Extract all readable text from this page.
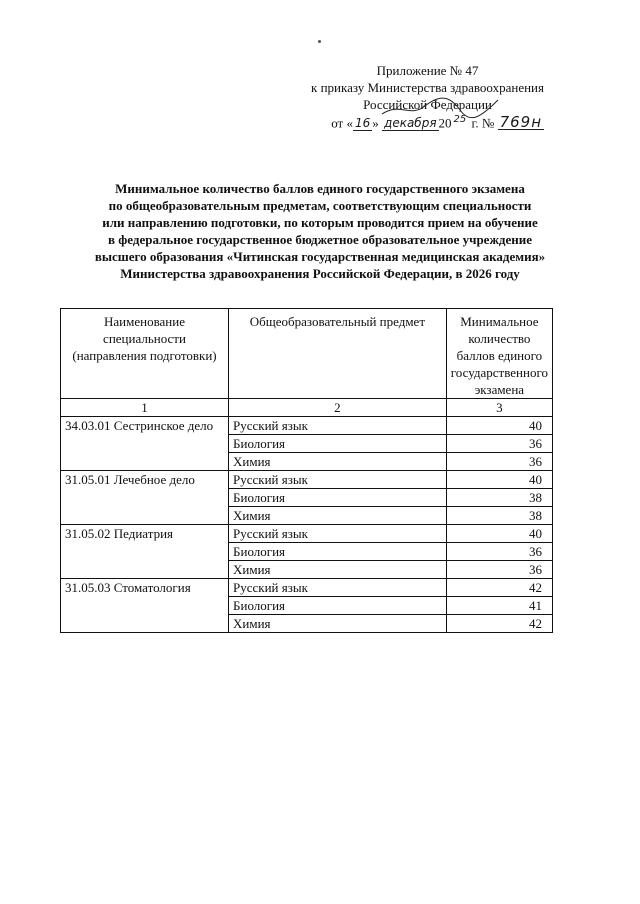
Приложение № 47
к приказу Министерства здравоохранения
Российской Федерации
от « 16 » декабря 20 25 г. № 769н
Минимальное количество баллов единого государственного экзамена
по общеобразовательным предметам, соответствующим специальности
или направлению подготовки, по которым проводится прием на обучение
в федеральное государственное бюджетное образовательное учреждение
высшего образования «Читинская государственная медицинская академия»
Министерства здравоохранения Российской Федерации, в 2026 году
Наименование специальности (направления подготовки)	Общеобразовательный предмет	Минимальное количество баллов единого государственного экзамена
1	2	3
34.03.01 Сестринское дело	Русский язык	40
	Биология	36
	Химия	36
31.05.01 Лечебное дело	Русский язык	40
	Биология	38
	Химия	38
31.05.02 Педиатрия	Русский язык	40
	Биология	36
	Химия	36
31.05.03 Стоматология	Русский язык	42
	Биология	41
	Химия	42
